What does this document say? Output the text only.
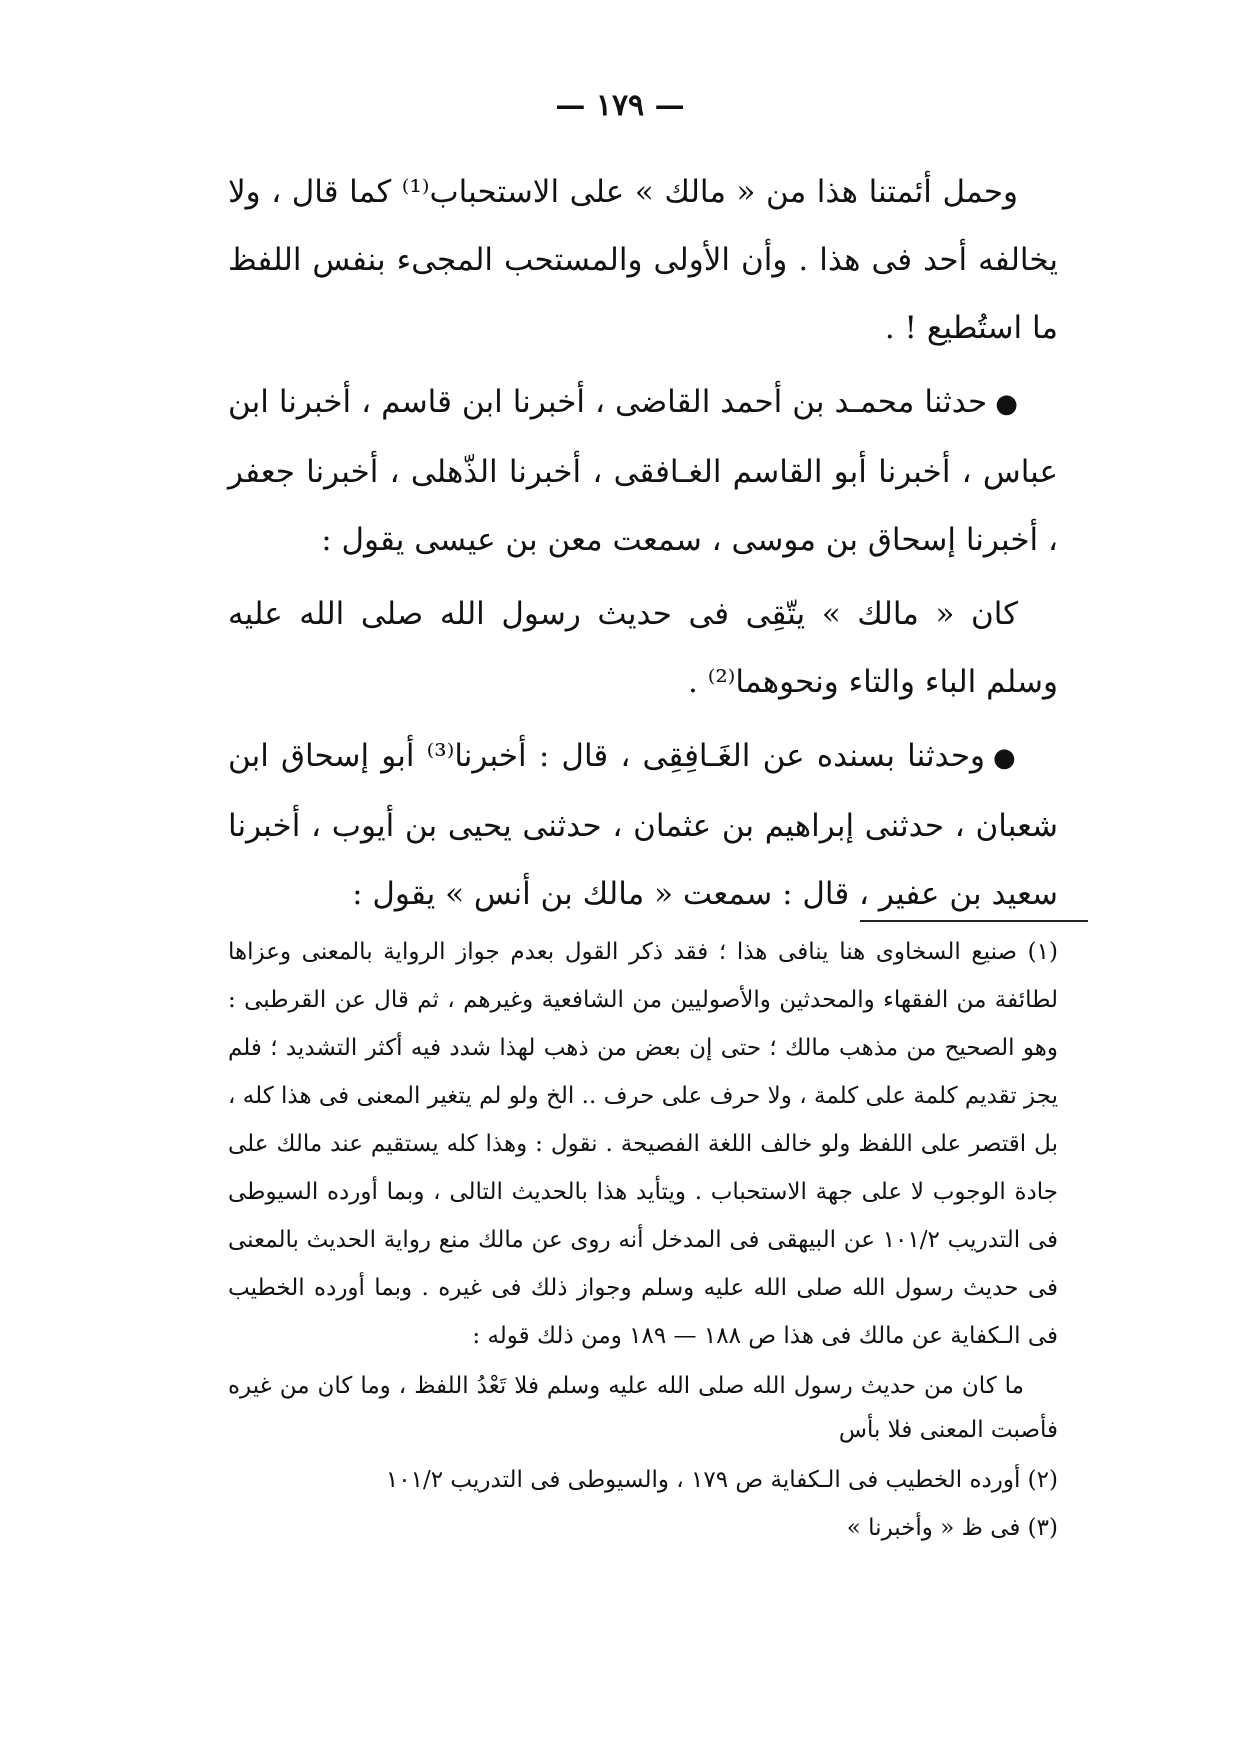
— ١٧٩ —

وحمل أئمتنا هذا من « مالك » على الاستحباب⁽¹⁾ كما قال ، ولا يخالفه أحد فى هذا . وأن الأولى والمستحب المجىء بنفس اللفظ ما استُطيع ! .

●حدثنا محمـد بن أحمد القاضى ، أخبرنا ابن قاسم ، أخبرنا ابن عباس ، أخبرنا أبو القاسم الغـافقى ، أخبرنا الذّهلى ، أخبرنا جعفر ، أخبرنا إسحاق بن موسى ، سمعت معن بن عيسى يقول :

كان « مالك » يتّقِى فى حديث رسول الله صلى الله عليه وسلم الباء والتاء ونحوهما⁽²⁾ .

●وحدثنا بسنده عن الغَـافِقِى ، قال : أخبرنا⁽³⁾ أبو إسحاق ابن شعبان ، حدثنى إبراهيم بن عثمان ، حدثنى يحيى بن أيوب ، أخبرنا سعيد بن عفير ، قال : سمعت « مالك بن أنس » يقول :

(١) صنيع السخاوى هنا ينافى هذا ؛ فقد ذكر القول بعدم جواز الرواية بالمعنى وعزاها لطائفة من الفقهاء والمحدثين والأصوليين من الشافعية وغيرهم ، ثم قال عن القرطبى : وهو الصحيح من مذهب مالك ؛ حتى إن بعض من ذهب لهذا شدد فيه أكثر التشديد ؛ فلم يجز تقديم كلمة على كلمة ، ولا حرف على حرف .. الخ ولو لم يتغير المعنى فى هذا كله ، بل اقتصر على اللفظ ولو خالف اللغة الفصيحة . نقول : وهذا كله يستقيم عند مالك على جادة الوجوب لا على جهة الاستحباب . ويتأيد هذا بالحديث التالى ، وبما أورده السيوطى فى التدريب ١٠١/٢ عن البيهقى فى المدخل أنه روى عن مالك منع رواية الحديث بالمعنى فى حديث رسول الله صلى الله عليه وسلم وجواز ذلك فى غيره . وبما أورده الخطيب فى الـكفاية عن مالك فى هذا ص ١٨٨ — ١٨٩ ومن ذلك قوله :

ما كان من حديث رسول الله صلى الله عليه وسلم فلا تَعْدُ اللفظ ، وما كان من غيره فأصبت المعنى فلا بأس

(٢) أورده الخطيب فى الـكفاية ص ١٧٩ ، والسيوطى فى التدريب ١٠١/٢

(٣) فى ظ « وأخبرنا »
